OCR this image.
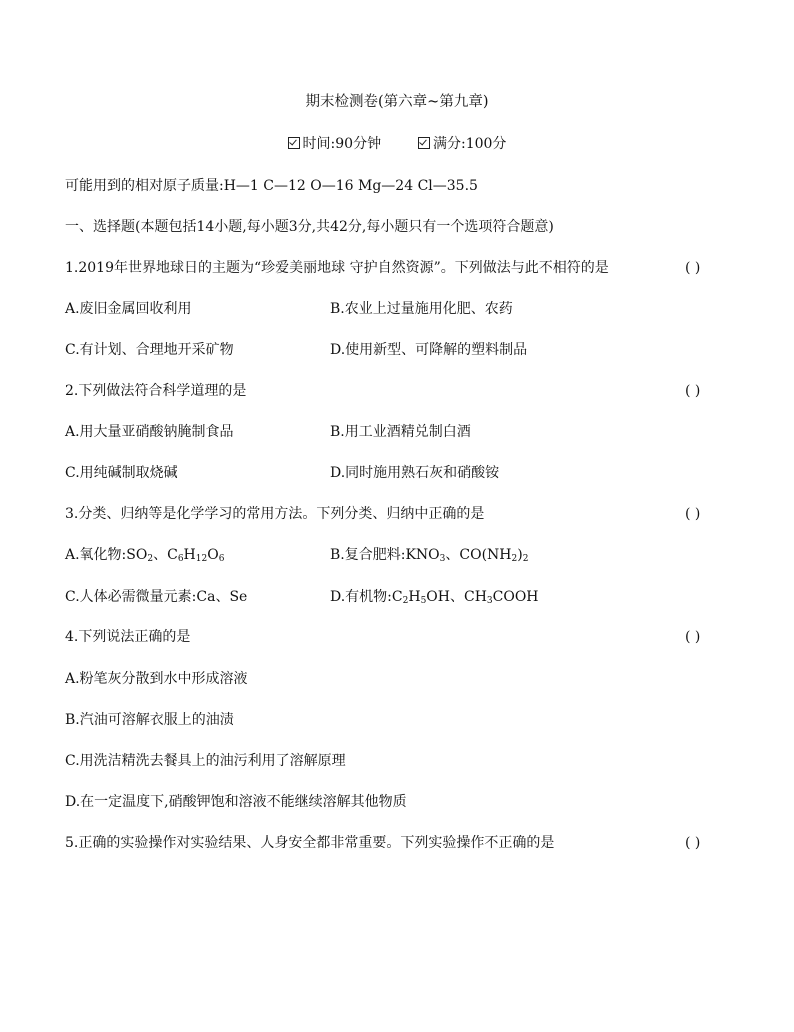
期末检测卷(第六章~第九章)
时间:90分钟	满分:100分
可能用到的相对原子质量:H—1 C—12 O—16 Mg—24 Cl—35.5
一、选择题(本题包括14小题,每小题3分,共42分,每小题只有一个选项符合题意)
1.2019年世界地球日的主题为“珍爱美丽地球 守护自然资源”。下列做法与此不相符的是	( )
A.废旧金属回收利用	B.农业上过量施用化肥、农药
C.有计划、合理地开采矿物	D.使用新型、可降解的塑料制品
2.下列做法符合科学道理的是	( )
A.用大量亚硝酸钠腌制食品	B.用工业酒精兑制白酒
C.用纯碱制取烧碱	D.同时施用熟石灰和硝酸铵
3.分类、归纳等是化学学习的常用方法。下列分类、归纳中正确的是	( )
A.氧化物$:SO_2$、$C_6H_{12}O_6$	B.复合肥料$:KNO_3$、$CO(NH_2)_2$
C.人体必需微量元素:Ca、Se	D.有机物$:C_2H_5OH$、$CH_3COOH$
4.下列说法正确的是	( )
A.粉笔灰分散到水中形成溶液
B.汽油可溶解衣服上的油渍
C.用洗洁精洗去餐具上的油污利用了溶解原理
D.在一定温度下,硝酸钾饱和溶液不能继续溶解其他物质
5.正确的实验操作对实验结果、人身安全都非常重要。下列实验操作不正确的是	( )
